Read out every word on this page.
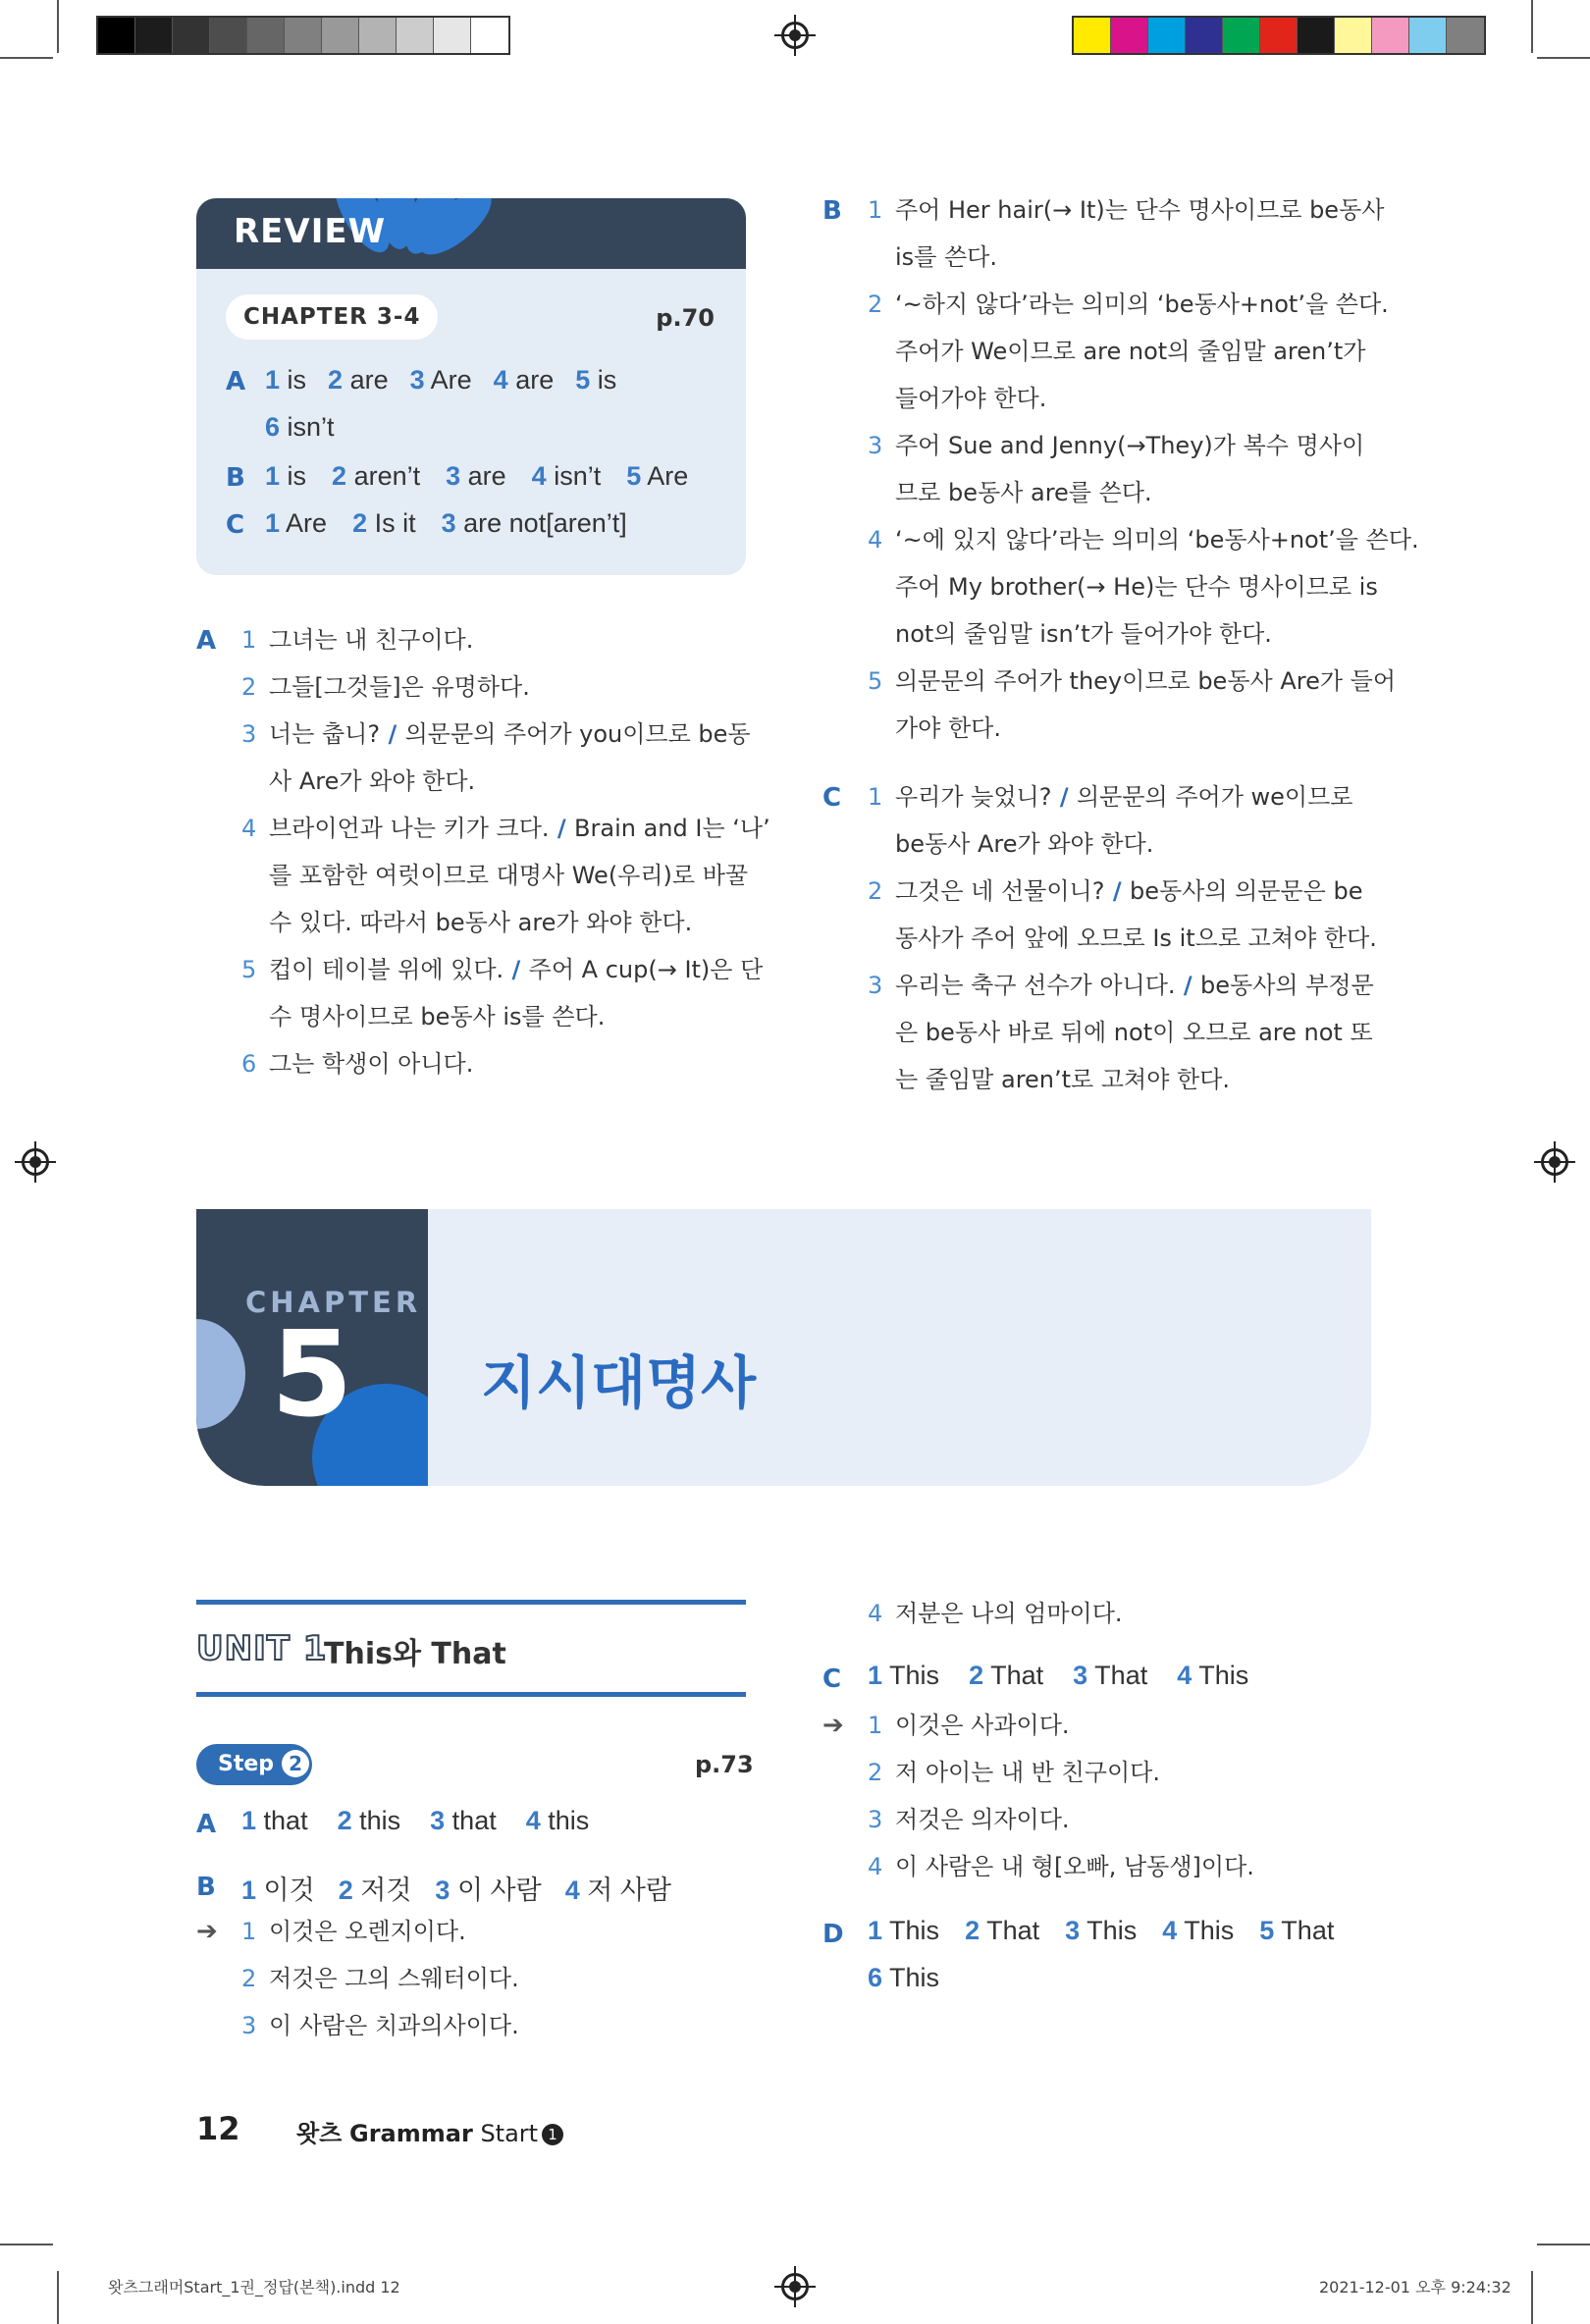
REVIEW
CHAPTER 3-4	p.70
A 1 is 2 are 3 Are 4 are 5 is
6 isn’t
B 1 is 2 aren’t 3 are 4 isn’t 5 Are
C 1 Are 2 Is it 3 are not[aren’t]
A 1 그녀는 내 친구이다.
2 그들[그것들]은 유명하다.
3 너는 춥니? / 의문문의 주어가 you이므로 be동
사 Are가 와야 한다.
4 브라이언과 나는 키가 크다. / Brain and I는 ‘나’
를 포함한 여럿이므로 대명사 We(우리)로 바꿀
수 있다. 따라서 be동사 are가 와야 한다.
5 컵이 테이블 위에 있다. / 주어 A cup(→ It)은 단
수 명사이므로 be동사 is를 쓴다.
6 그는 학생이 아니다.
B 1 주어 Her hair(→ It)는 단수 명사이므로 be동사
is를 쓴다.
2 ‘~하지 않다’라는 의미의 ‘be동사+not’을 쓴다.
주어가 We이므로 are not의 줄임말 aren’t가
들어가야 한다.
3 주어 Sue and Jenny(→They)가 복수 명사이
므로 be동사 are를 쓴다.
4 ‘~에 있지 않다’라는 의미의 ‘be동사+not’을 쓴다.
주어 My brother(→ He)는 단수 명사이므로 is
not의 줄임말 isn’t가 들어가야 한다.
5 의문문의 주어가 they이므로 be동사 Are가 들어
가야 한다.
C 1 우리가 늦었니? / 의문문의 주어가 we이므로
be동사 Are가 와야 한다.
2 그것은 네 선물이니? / be동사의 의문문은 be
동사가 주어 앞에 오므로 Is it으로 고쳐야 한다.
3 우리는 축구 선수가 아니다. / be동사의 부정문
은 be동사 바로 뒤에 not이 오므로 are not 또
는 줄임말 aren’t로 고쳐야 한다.
CHAPTER
5 지시대명사
UNIT 1
This와 That
Step 2	p.73
A 1 that 2 this 3 that 4 this
B 1 이것 2 저것 3 이 사람 4 저 사람
➔ 1 이것은 오렌지이다.
2 저것은 그의 스웨터이다.
3 이 사람은 치과의사이다.
4 저분은 나의 엄마이다.
C 1 This 2 That 3 That 4 This
➔ 1 이것은 사과이다.
2 저 아이는 내 반 친구이다.
3 저것은 의자이다.
4 이 사람은 내 형[오빠, 남동생]이다.
D 1 This 2 That 3 This 4 This 5 That
6 This
12 왓츠 Grammar Start 1
왓츠그래머Start_1권_정답(본책).indd 12	2021-12-01 오후 9:24:32
